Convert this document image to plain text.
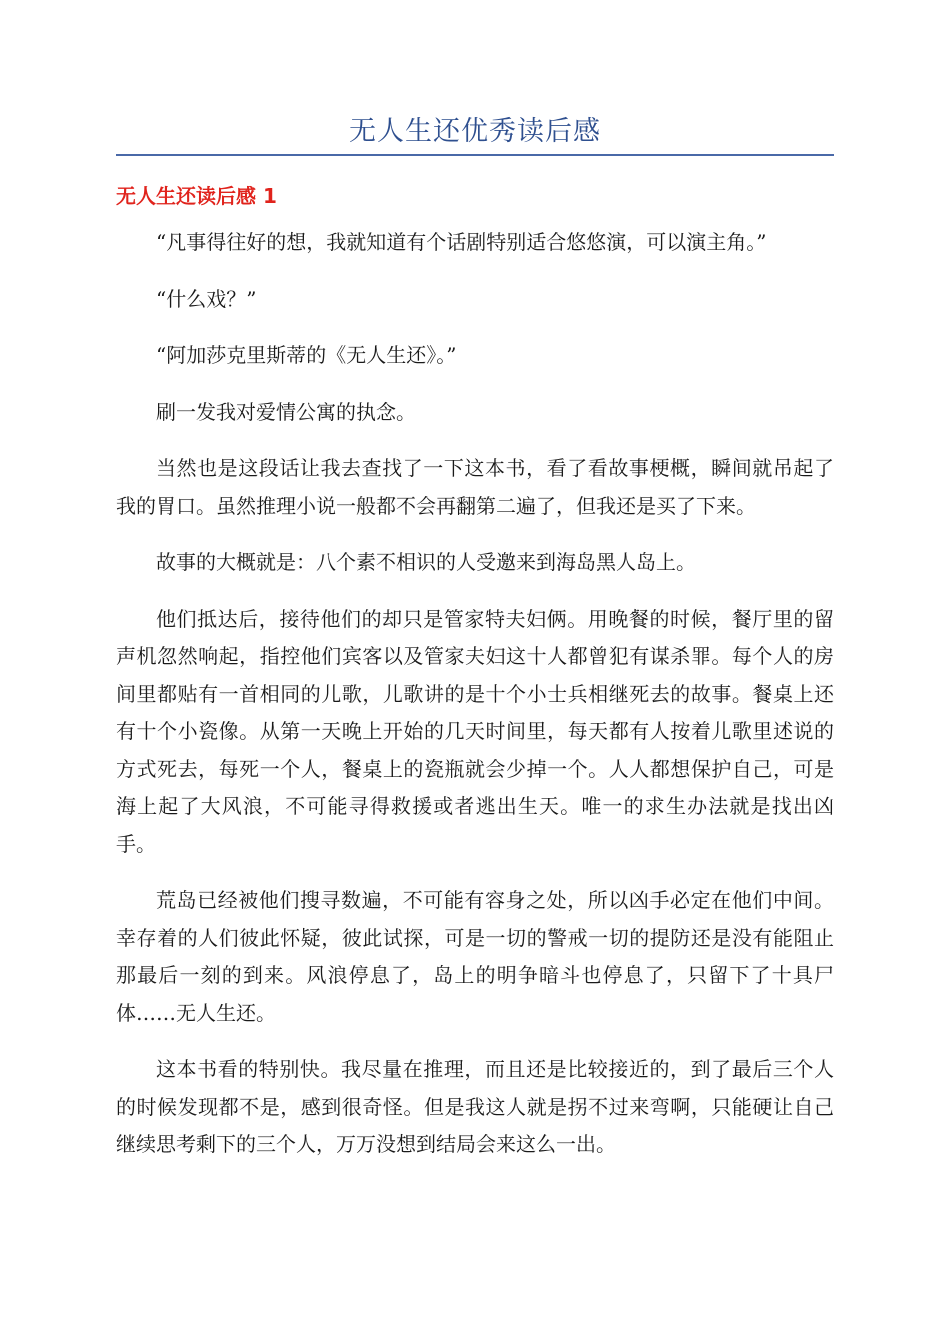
无人生还优秀读后感
无人生还读后感 1

“凡事得往好的想，我就知道有个话剧特别适合悠悠演，可以演主角。”

“什么戏？”

“阿加莎克里斯蒂的《无人生还》。”

刷一发我对爱情公寓的执念。

当然也是这段话让我去查找了一下这本书，看了看故事梗概，瞬间就吊起了我的胃口。虽然推理小说一般都不会再翻第二遍了，但我还是买了下来。

故事的大概就是：八个素不相识的人受邀来到海岛黑人岛上。

他们抵达后，接待他们的却只是管家特夫妇俩。用晚餐的时候，餐厅里的留声机忽然响起，指控他们宾客以及管家夫妇这十人都曾犯有谋杀罪。每个人的房间里都贴有一首相同的儿歌，儿歌讲的是十个小士兵相继死去的故事。餐桌上还有十个小瓷像。从第一天晚上开始的几天时间里，每天都有人按着儿歌里述说的方式死去，每死一个人，餐桌上的瓷瓶就会少掉一个。人人都想保护自己，可是海上起了大风浪，不可能寻得救援或者逃出生天。唯一的求生办法就是找出凶手。

荒岛已经被他们搜寻数遍，不可能有容身之处，所以凶手必定在他们中间。幸存着的人们彼此怀疑，彼此试探，可是一切的警戒一切的提防还是没有能阻止那最后一刻的到来。风浪停息了，岛上的明争暗斗也停息了，只留下了十具尸体……无人生还。

这本书看的特别快。我尽量在推理，而且还是比较接近的，到了最后三个人的时候发现都不是，感到很奇怪。但是我这人就是拐不过来弯啊，只能硬让自己继续思考剩下的三个人，万万没想到结局会来这么一出。
